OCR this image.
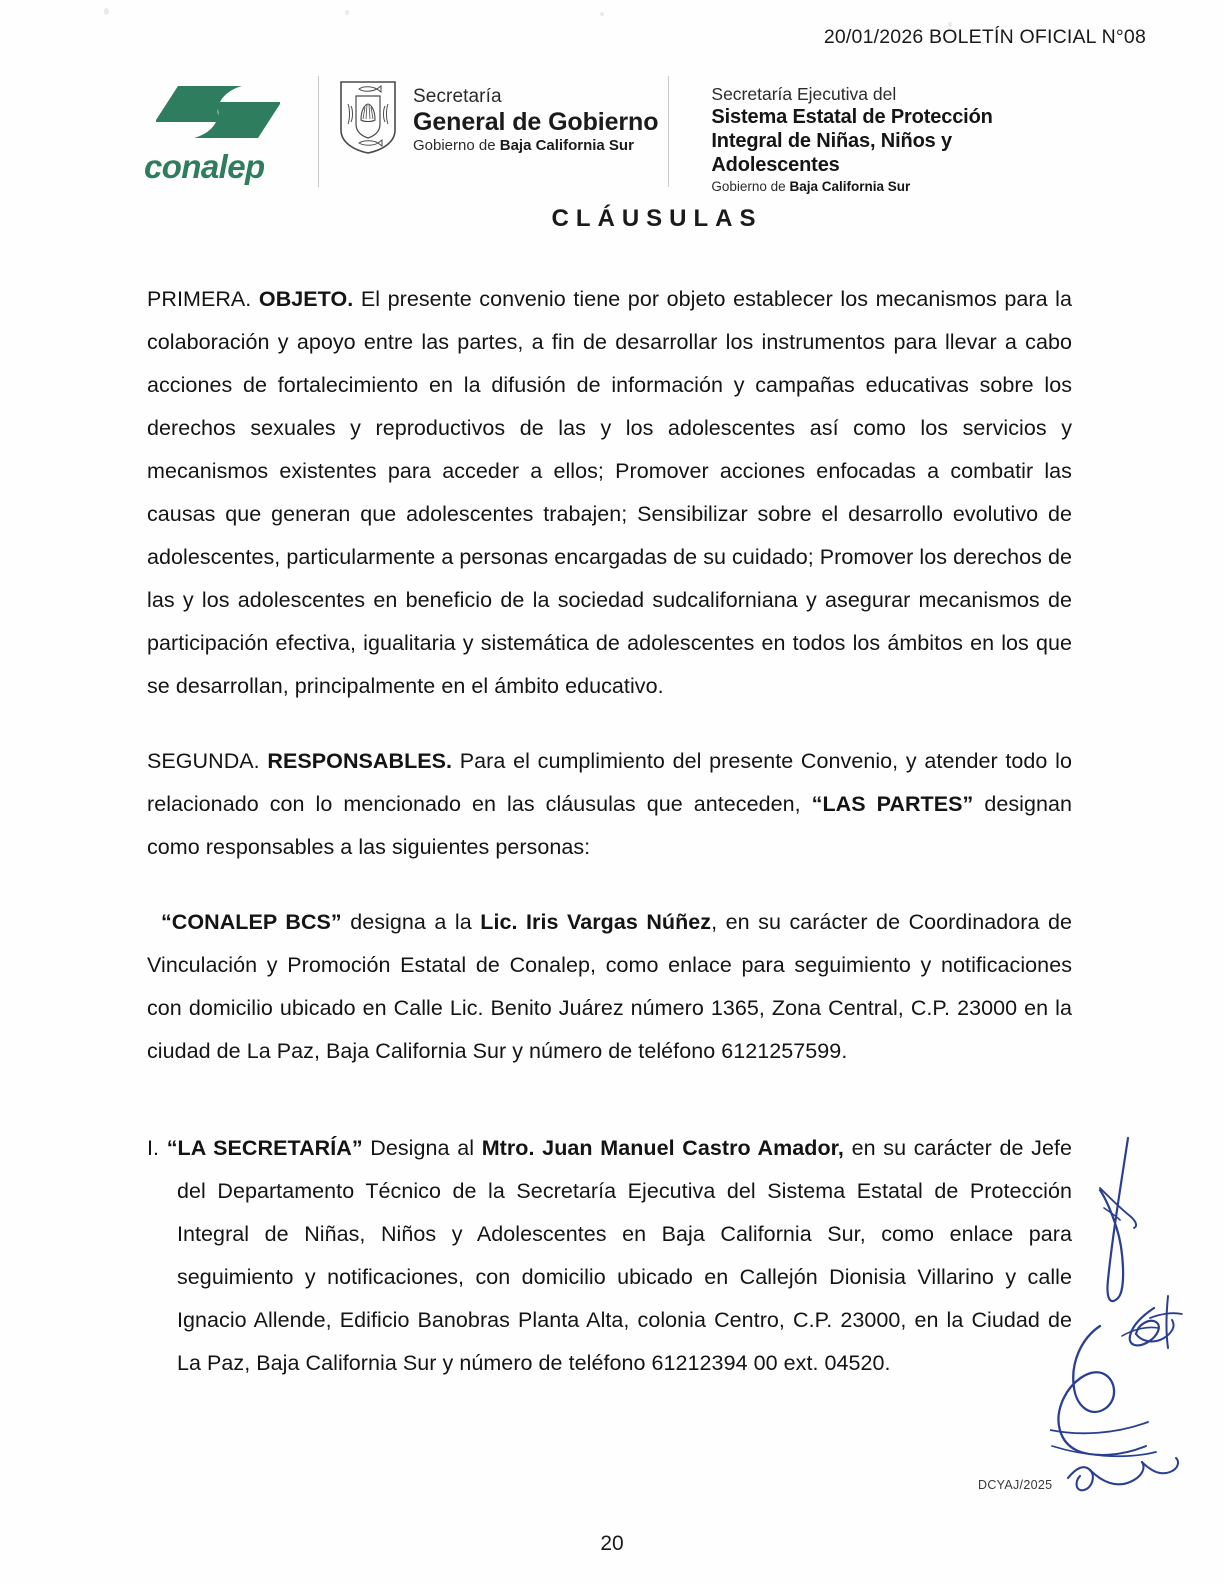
20/01/2026 BOLETÍN OFICIAL N°08
conalep
Secretaría
General de Gobierno
Gobierno de Baja California Sur
Secretaría Ejecutiva del
Sistema Estatal de Protección
Integral de Niñas, Niños y
Adolescentes
Gobierno de Baja California Sur
CLÁUSULAS

PRIMERA. OBJETO. El presente convenio tiene por objeto establecer los mecanismos para la colaboración y apoyo entre las partes, a fin de desarrollar los instrumentos para llevar a cabo acciones de fortalecimiento en la difusión de información y campañas educativas sobre los derechos sexuales y reproductivos de las y los adolescentes así como los servicios y mecanismos existentes para acceder a ellos; Promover acciones enfocadas a combatir las causas que generan que adolescentes trabajen; Sensibilizar sobre el desarrollo evolutivo de adolescentes, particularmente a personas encargadas de su cuidado; Promover los derechos de las y los adolescentes en beneficio de la sociedad sudcaliforniana y asegurar mecanismos de participación efectiva, igualitaria y sistemática de adolescentes en todos los ámbitos en los que se desarrollan, principalmente en el ámbito educativo.

SEGUNDA. RESPONSABLES. Para el cumplimiento del presente Convenio, y atender todo lo relacionado con lo mencionado en las cláusulas que anteceden, “LAS PARTES” designan como responsables a las siguientes personas:

“CONALEP BCS” designa a la Lic. Iris Vargas Núñez, en su carácter de Coordinadora de Vinculación y Promoción Estatal de Conalep, como enlace para seguimiento y notificaciones con domicilio ubicado en Calle Lic. Benito Juárez número 1365, Zona Central, C.P. 23000 en la ciudad de La Paz, Baja California Sur y número de teléfono 6121257599.

I. “LA SECRETARÍA” Designa al Mtro. Juan Manuel Castro Amador, en su carácter de Jefe del Departamento Técnico de la Secretaría Ejecutiva del Sistema Estatal de Protección Integral de Niñas, Niños y Adolescentes en Baja California Sur, como enlace para seguimiento y notificaciones, con domicilio ubicado en Callejón Dionisia Villarino y calle Ignacio Allende, Edificio Banobras Planta Alta, colonia Centro, C.P. 23000, en la Ciudad de La Paz, Baja California Sur y número de teléfono 61212394 00 ext. 04520.

DCYAJ/2025
20
